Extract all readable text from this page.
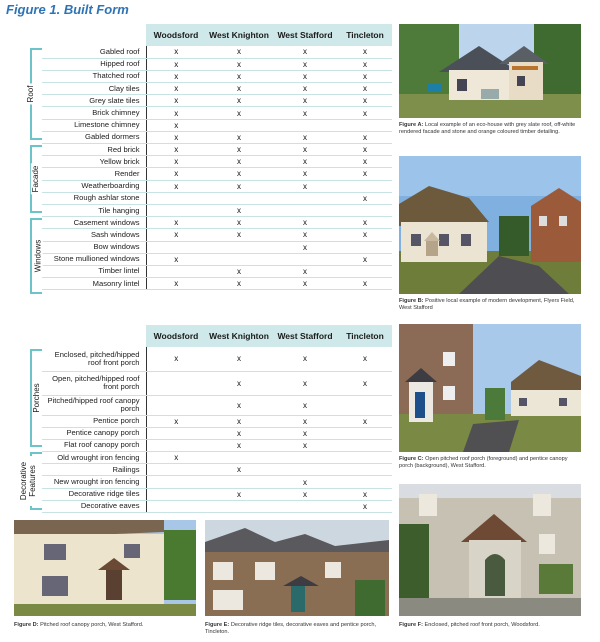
Figure 1. Built Form
	Woodsford	West Knighton	West Stafford	Tincleton
Gabled roof	x	x	x	x
Hipped roof	x	x	x	x
Thatched roof	x	x	x	x
Clay tiles	x	x	x	x
Grey slate tiles	x	x	x	x
Brick chimney	x	x	x	x
Limestone chimney	x			
Gabled dormers	x	x	x	x
Red brick	x	x	x	x
Yellow brick	x	x	x	x
Render	x	x	x	x
Weatherboarding	x	x	x	
Rough ashlar stone				x
Tile hanging		x		
Casement windows	x	x	x	x
Sash windows	x	x	x	x
Bow windows			x	
Stone mullioned windows	x			x
Timber lintel		x	x	
Masonry lintel	x	x	x	x
Roof
Facade
Windows
	Woodsford	West Knighton	West Stafford	Tincleton
Enclosed, pitched/hipped roof front porch	x	x	x	x
Open, pitched/hipped roof front porch		x	x	x
Pitched/hipped roof canopy porch		x	x	
Pentice porch	x	x	x	x
Pentice canopy porch		x	x	
Flat roof canopy porch		x	x	
Old wrought iron fencing	x			
Railings		x		
New wrought iron fencing			x	
Decorative ridge tiles		x	x	x
Decorative eaves				x
Porches
Decorative Features
Figure A: Local example of an eco-house with grey slate roof, off-white rendered facade and stone and orange coloured timber detailing.
Figure B: Positive local example of modern development, Flyers Field, West Stafford
Figure C: Open pitched roof porch (foreground) and pentice canopy porch (background), West Stafford.
Figure F: Enclosed, pitched roof front porch, Woodsford.
Figure D: Pitched roof canopy porch, West Stafford.	Figure E: Decorative ridge tiles, decorative eaves and pentice porch, Tincleton.
